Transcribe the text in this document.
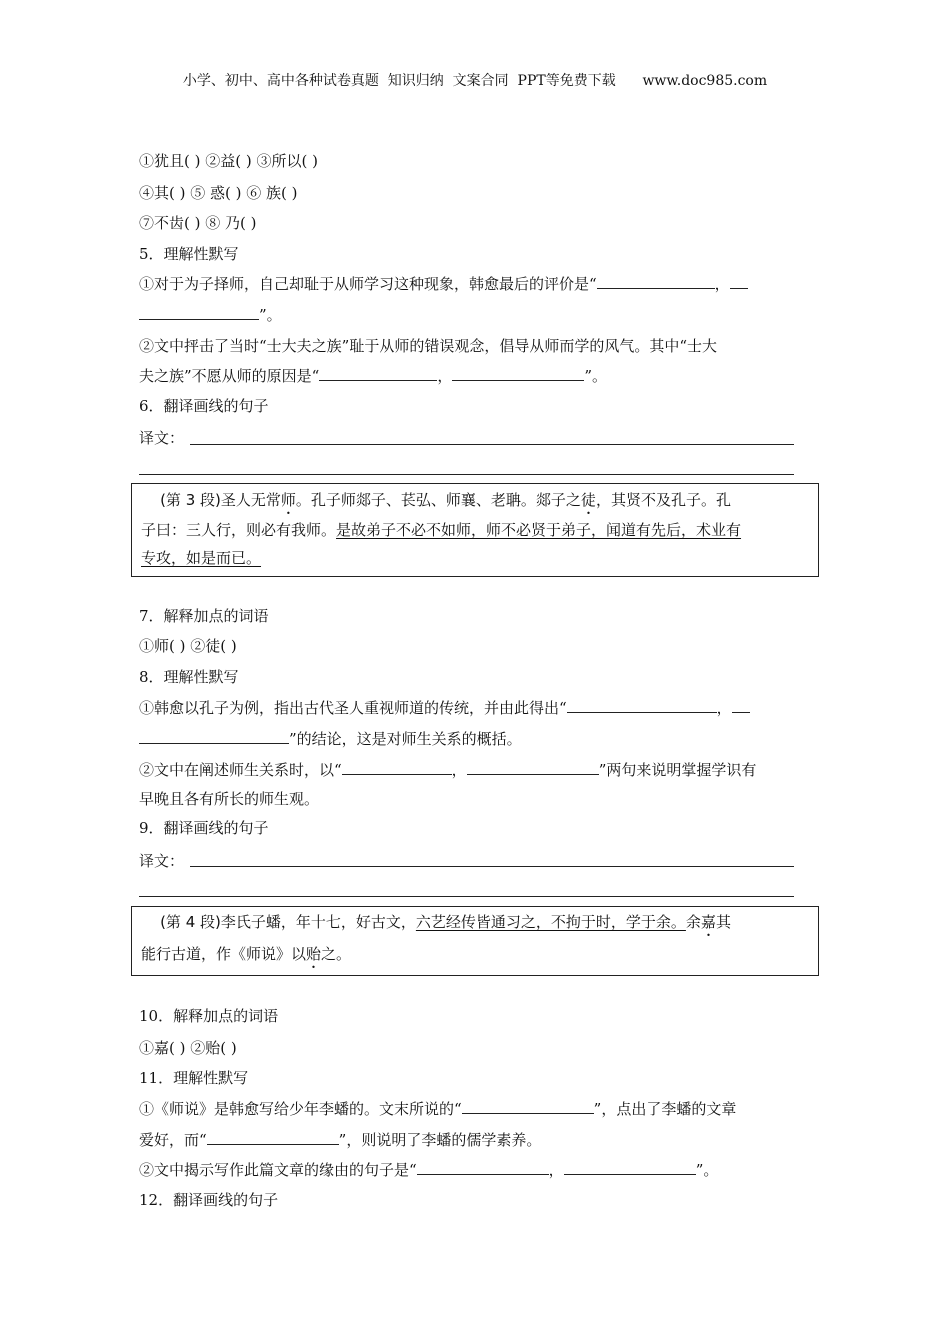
小学、初中、高中各种试卷真题  知识归纳  文案合同  PPT等免费下载 www.doc985.com
①犹且( ) ②益( ) ③所以( )
④其( ) ⑤ 惑( ) ⑥ 族( )
⑦不齿( ) ⑧ 乃( )
5．理解性默写
①对于为子择师，自己却耻于从师学习这种现象，韩愈最后的评价是“	，
”。
②文中抨击了当时“士大夫之族”耻于从师的错误观念，倡导从师而学的风气。其中“士大
夫之族”不愿从师的原因是“	，	”。
6．翻译画线的句子
译文：
(第 3 段)圣人无常师。孔子师郯子、苌弘、师襄、老聃。郯子之徒，其贤不及孔子。孔
子曰：三人行，则必有我师。是故弟子不必不如师，师不必贤于弟子，闻道有先后，术业有
专攻，如是而已。
7．解释加点的词语
①师( ) ②徒( )
8．理解性默写
①韩愈以孔子为例，指出古代圣人重视师道的传统，并由此得出“	，
”的结论，这是对师生关系的概括。
②文中在阐述师生关系时，以“	，	”两句来说明掌握学识有
早晚且各有所长的师生观。
9．翻译画线的句子
译文：
(第 4 段)李氏子蟠，年十七，好古文，六艺经传皆通习之，不拘于时，学于余。余嘉其
能行古道，作《师说》以贻之。
10．解释加点的词语
①嘉( ) ②贻( )
11．理解性默写
①《师说》是韩愈写给少年李蟠的。文末所说的“	”，点出了李蟠的文章
爱好，而“	”，则说明了李蟠的儒学素养。
②文中揭示写作此篇文章的缘由的句子是“	，	”。
12．翻译画线的句子
